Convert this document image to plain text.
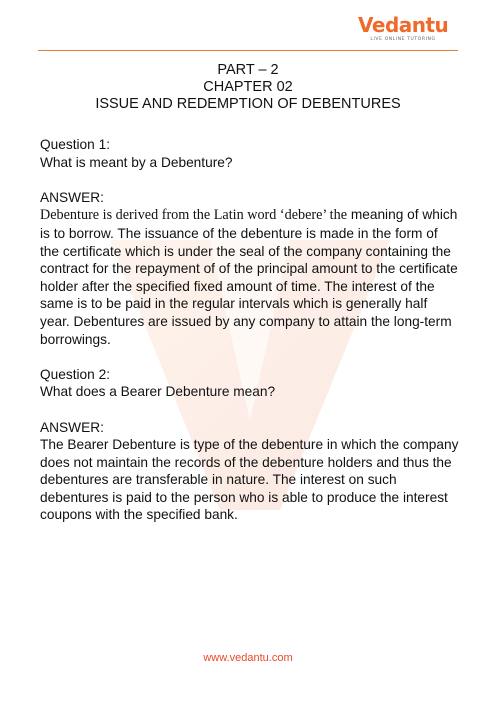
Vedantu
LIVE ONLINE TUTORING
PART – 2
CHAPTER 02
ISSUE AND REDEMPTION OF DEBENTURES

Question 1:

What is meant by a Debenture?

ANSWER:

Debenture is derived from the Latin word ‘debere’ the meaning of which is to borrow. The issuance of the debenture is made in the form of the certificate which is under the seal of the company containing the contract for the repayment of of the principal amount to the certificate holder after the specified fixed amount of time. The interest of the same is to be paid in the regular intervals which is generally half year. Debentures are issued by any company to attain the long-term borrowings.

Question 2:

What does a Bearer Debenture mean?

ANSWER:

The Bearer Debenture is type of the debenture in which the company does not maintain the records of the debenture holders and thus the debentures are transferable in nature. The interest on such debentures is paid to the person who is able to produce the interest coupons with the specified bank.

www.vedantu.com
